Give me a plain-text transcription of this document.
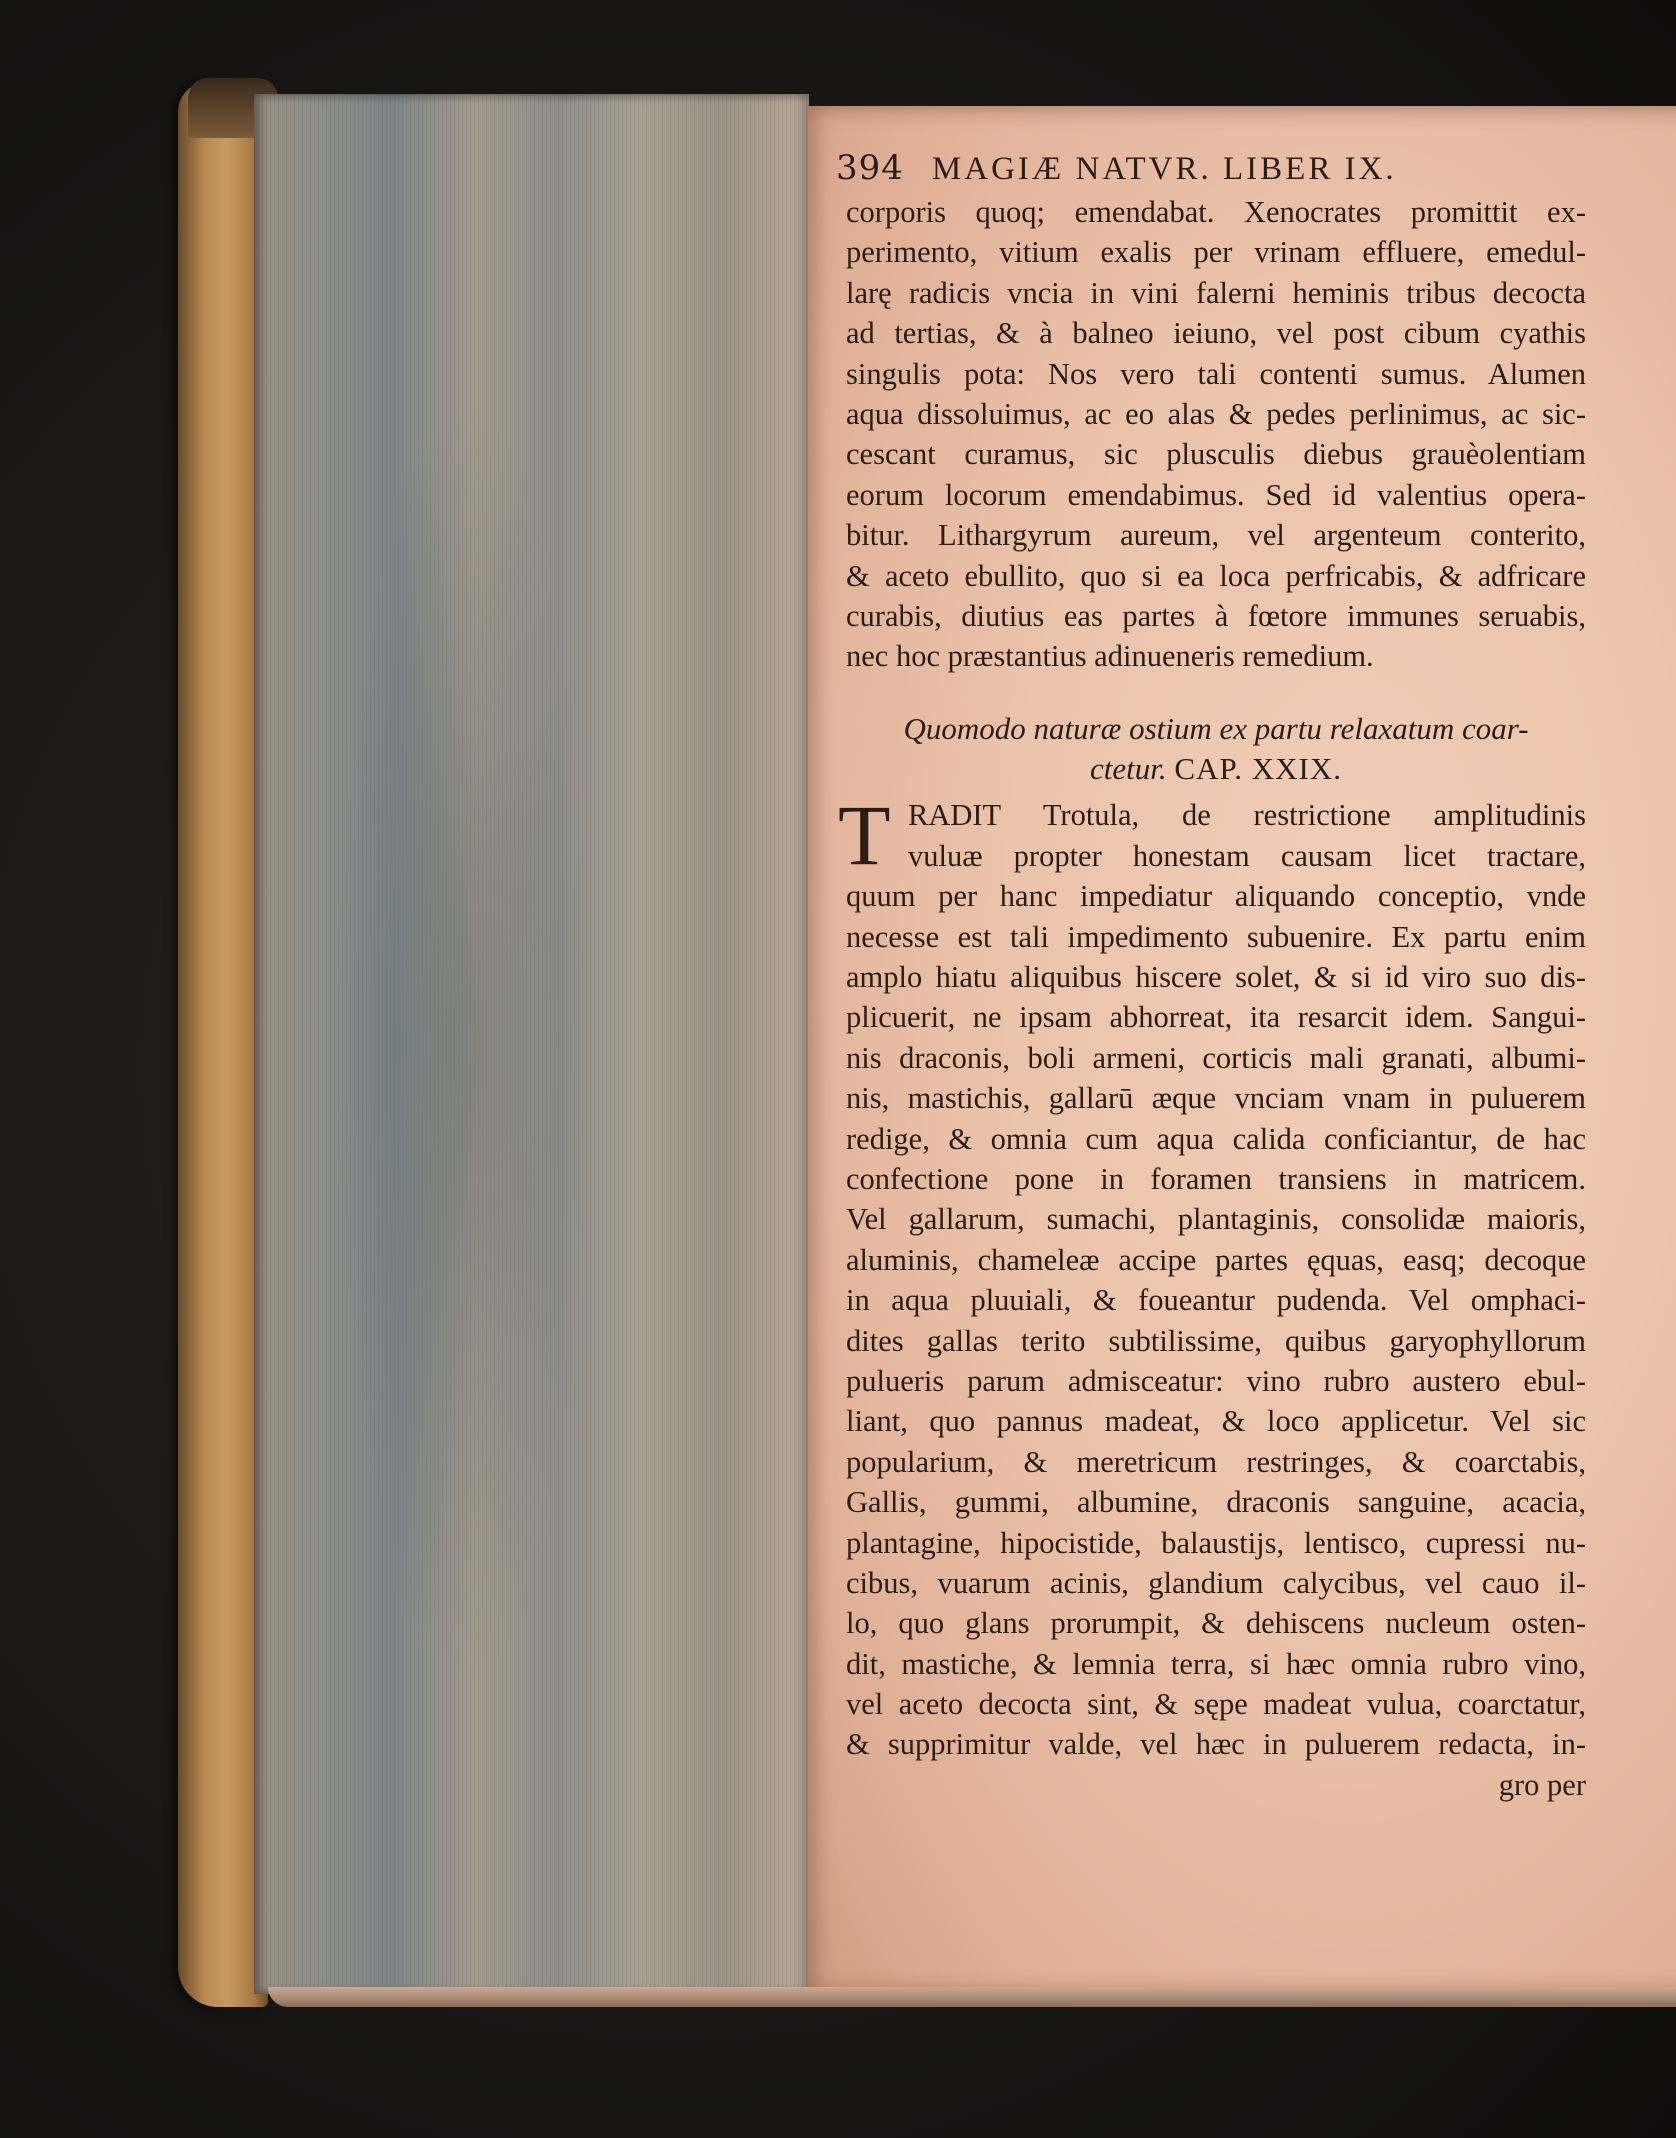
394 MAGIÆ NATVR. LIBER IX.
corporis quoq; emendabat. Xenocrates promittit ex-
perimento, vitium exalis per vrinam effluere, emedul-
larę radicis vncia in vini falerni heminis tribus decocta
ad tertias, & à balneo ieiuno, vel post cibum cyathis
singulis pota: Nos vero tali contenti sumus. Alumen
aqua dissoluimus, ac eo alas & pedes perlinimus, ac sic-
cescant curamus, sic plusculis diebus grauèolentiam
eorum locorum emendabimus. Sed id valentius opera-
bitur. Lithargyrum aureum, vel argenteum conterito,
& aceto ebullito, quo si ea loca perfricabis, & adfricare
curabis, diutius eas partes à fœtore immunes seruabis,
nec hoc præstantius adinueneris remedium.
Quomodo naturæ ostium ex partu relaxatum coar-
ctetur. CAP. XXIX.
T RADIT Trotula, de restrictione amplitudinis
vuluæ propter honestam causam licet tractare,
quum per hanc impediatur aliquando conceptio, vnde
necesse est tali impedimento subuenire. Ex partu enim
amplo hiatu aliquibus hiscere solet, & si id viro suo dis-
plicuerit, ne ipsam abhorreat, ita resarcit idem. Sangui-
nis draconis, boli armeni, corticis mali granati, albumi-
nis, mastichis, gallarū æque vnciam vnam in puluerem
redige, & omnia cum aqua calida conficiantur, de hac
confectione pone in foramen transiens in matricem.
Vel gallarum, sumachi, plantaginis, consolidæ maioris,
aluminis, chameleæ accipe partes ęquas, easq; decoque
in aqua pluuiali, & foueantur pudenda. Vel omphaci-
dites gallas terito subtilissime, quibus garyophyllorum
pulueris parum admisceatur: vino rubro austero ebul-
liant, quo pannus madeat, & loco applicetur. Vel sic
popularium, & meretricum restringes, & coarctabis,
Gallis, gummi, albumine, draconis sanguine, acacia,
plantagine, hipocistide, balaustijs, lentisco, cupressi nu-
cibus, vuarum acinis, glandium calycibus, vel cauo il-
lo, quo glans prorumpit, & dehiscens nucleum osten-
dit, mastiche, & lemnia terra, si hæc omnia rubro vino,
vel aceto decocta sint, & sępe madeat vulua, coarctatur,
& supprimitur valde, vel hæc in puluerem redacta, in-
gro per
